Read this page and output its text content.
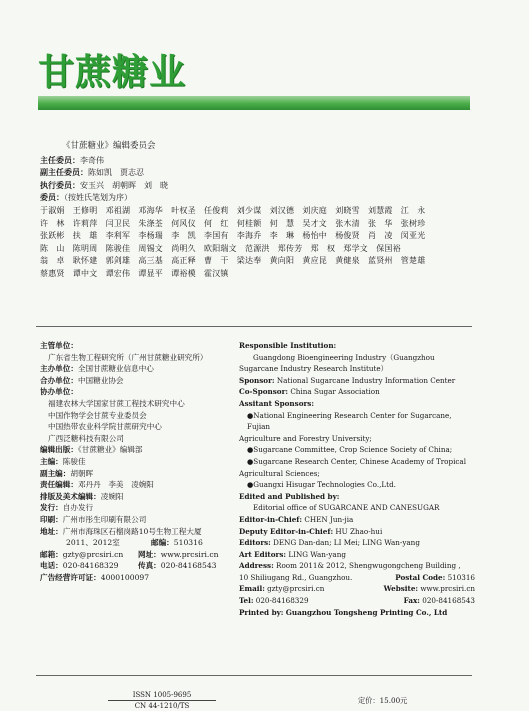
甘蔗糖业
《甘蔗糖业》编辑委员会
主任委员：李奇伟
副主任委员：陈如凯　贾志忍
执行委员：安玉兴　胡朝晖　刘　晓
委员：（按姓氏笔划为序）
于淑娟　王修明　邓祖湖　邓海华　叶权圣　任俊莉　刘少谋　刘汉德　刘庆庭　刘晓雪　刘慧霞　江　永
许　林　许莉萍　闫卫民　朱涤荃　何风仪　何　红　何桂额　何　慧　吴才文　张木清　张　华　张树珍
张跃彬　扶　雄　李利军　李杨瑞　李　凯　李国有　李海乔　李　琳　杨怡中　杨俊贤　肖　凌　闵亚光
陈　山　陈明周　陈骏佳　周锡文　尚明久　欧阳瑞文　范源洪　郑传芳　郑　权　郑学文　保国裕
翁　卓　耿怀建　郭剑雄　高三基　高正释　曹　干　梁达奉　黄向阳　黄应昆　黄健泉　蓝贤州　管楚雄
蔡惠贤　谭中文　谭宏伟　谭显平　谭裕模　霍汉镇
主管单位：
广东省生物工程研究所（广州甘蔗糖业研究所）
主办单位：全国甘蔗糖业信息中心
合办单位：中国糖业协会
协办单位：
福建农林大学国家甘蔗工程技术研究中心
中国作物学会甘蔗专业委员会
中国热带农业科学院甘蔗研究中心
广西泛糖科技有限公司
编辑出版：《甘蔗糖业》编辑部
主编：陈骏佳
副主编：胡朝晖
责任编辑：邓丹丹　李美　凌婉阳
排版及美术编辑：凌婉阳
发行：自办发行
印刷：广州市彤生印刷有限公司
地址：广州市海珠区石榴岗路10号生物工程大厦
2011、2012室	邮编：510316
邮箱：gzty@prcsiri.cn	网址：www.prcsiri.cn
电话：020-84168329	传真：020-84168543
广告经营许可证：4000100097
Responsible Institution:
Guangdong Bioengineering Industry（Guangzhou
Sugarcane Industry Research Institute）
Sponsor: National Sugarcane Industry Information Center
Co-Sponsor: China Sugar Association
Assitant Sponsors:
●National Engineering Research Center for Sugarcane, Fujian
Agriculture and Forestry University;
●Sugarcane Committee, Crop Science Society of China;
●Sugarcane Research Center, Chinese Academy of Tropical
Agricultural Sciences;
●Guangxi Hisugar Technologies Co.,Ltd.
Edited and Published by:
Editorial office of SUGARCANE AND CANESUGAR
Editor-in-Chief: CHEN Jun-jia
Deputy Editor-in-Chief: HU Zhao-hui
Editors: DENG Dan-dan; LI Mei; LING Wan-yang
Art Editors: LING Wan-yang
Address: Room 2011& 2012, Shengwugongcheng Building ,
10 Shiliugang Rd., Guangzhou.	Postal Code: 510316
Email: gzty@prcsiri.cn	Website: www.prcsiri.cn
Tel: 020-84168329	Fax: 020-84168543
Printed by: Guangzhou Tongsheng Printing Co., Ltd
ISSN 1005-9695
CN 44-1210/TS
定价：15.00元
